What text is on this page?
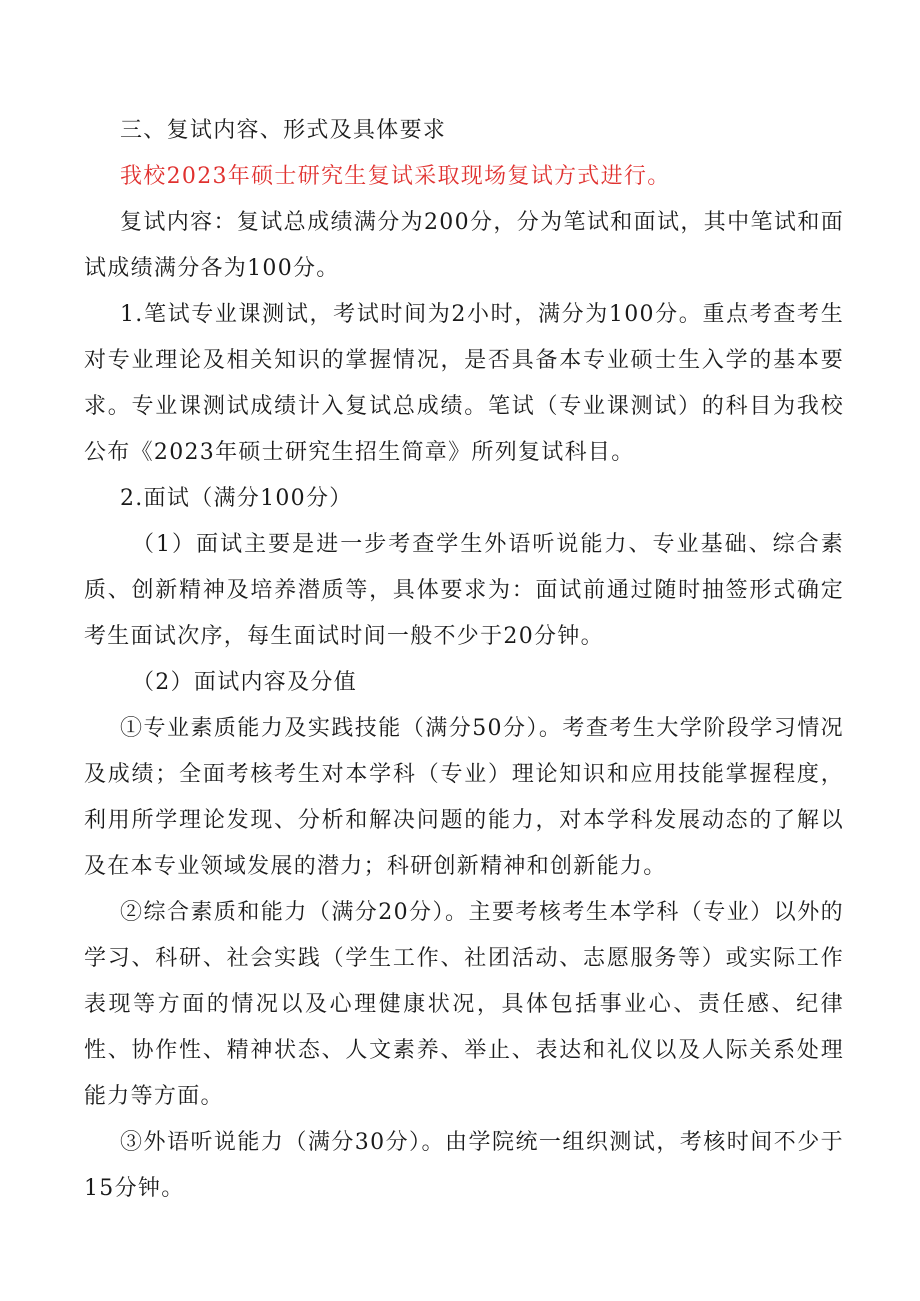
三、复试内容、形式及具体要求

我校2023年硕士研究生复试采取现场复试方式进行。

复试内容：复试总成绩满分为200分，分为笔试和面试，其中笔试和面试成绩满分各为100分。

1.笔试专业课测试，考试时间为2小时，满分为100分。重点考查考生对专业理论及相关知识的掌握情况，是否具备本专业硕士生入学的基本要求。专业课测试成绩计入复试总成绩。笔试（专业课测试）的科目为我校公布《2023年硕士研究生招生简章》所列复试科目。

2.面试（满分100分）

（1）面试主要是进一步考查学生外语听说能力、专业基础、综合素质、创新精神及培养潜质等，具体要求为：面试前通过随时抽签形式确定考生面试次序，每生面试时间一般不少于20分钟。

（2）面试内容及分值

①专业素质能力及实践技能（满分50分）。考查考生大学阶段学习情况及成绩；全面考核考生对本学科（专业）理论知识和应用技能掌握程度，利用所学理论发现、分析和解决问题的能力，对本学科发展动态的了解以及在本专业领域发展的潜力；科研创新精神和创新能力。

②综合素质和能力（满分20分）。主要考核考生本学科（专业）以外的学习、科研、社会实践（学生工作、社团活动、志愿服务等）或实际工作表现等方面的情况以及心理健康状况，具体包括事业心、责任感、纪律性、协作性、精神状态、人文素养、举止、表达和礼仪以及人际关系处理能力等方面。

③外语听说能力（满分30分）。由学院统一组织测试，考核时间不少于15分钟。
